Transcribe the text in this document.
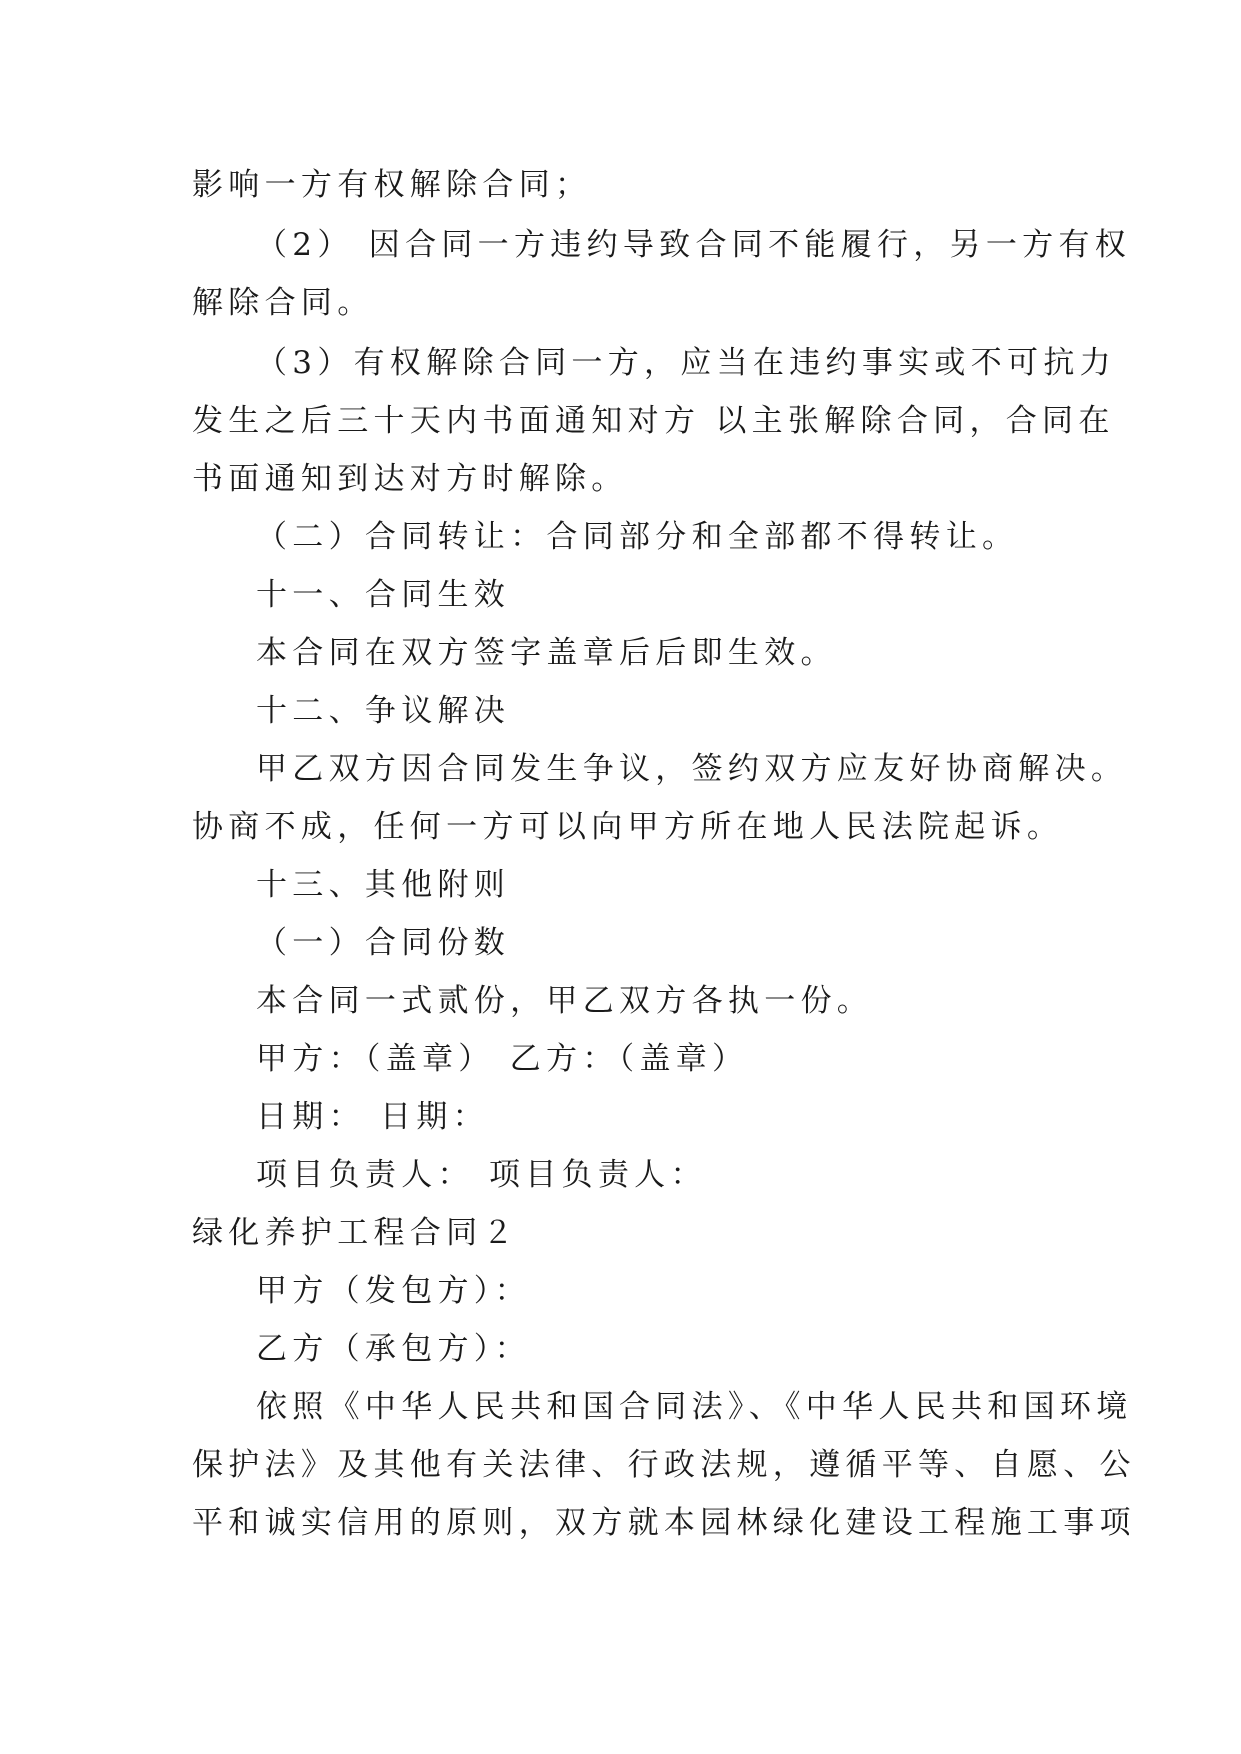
影响一方有权解除合同；

（2） 因合同一方违约导致合同不能履行，另一方有权

解除合同。

（3）有权解除合同一方，应当在违约事实或不可抗力

发生之后三十天内书面通知对方 以主张解除合同，合同在

书面通知到达对方时解除。

（二）合同转让：合同部分和全部都不得转让。

十一、合同生效

本合同在双方签字盖章后后即生效。

十二、争议解决

甲乙双方因合同发生争议，签约双方应友好协商解决。

协商不成，任何一方可以向甲方所在地人民法院起诉。

十三、其他附则

（一）合同份数

本合同一式贰份，甲乙双方各执一份。

甲方：（盖章） 乙方：（盖章）

日期： 日期：

项目负责人： 项目负责人：

绿化养护工程合同２

甲方（发包方）：

乙方（承包方）：

依照《中华人民共和国合同法》、《中华人民共和国环境

保护法》及其他有关法律、行政法规，遵循平等、自愿、公

平和诚实信用的原则，双方就本园林绿化建设工程施工事项
